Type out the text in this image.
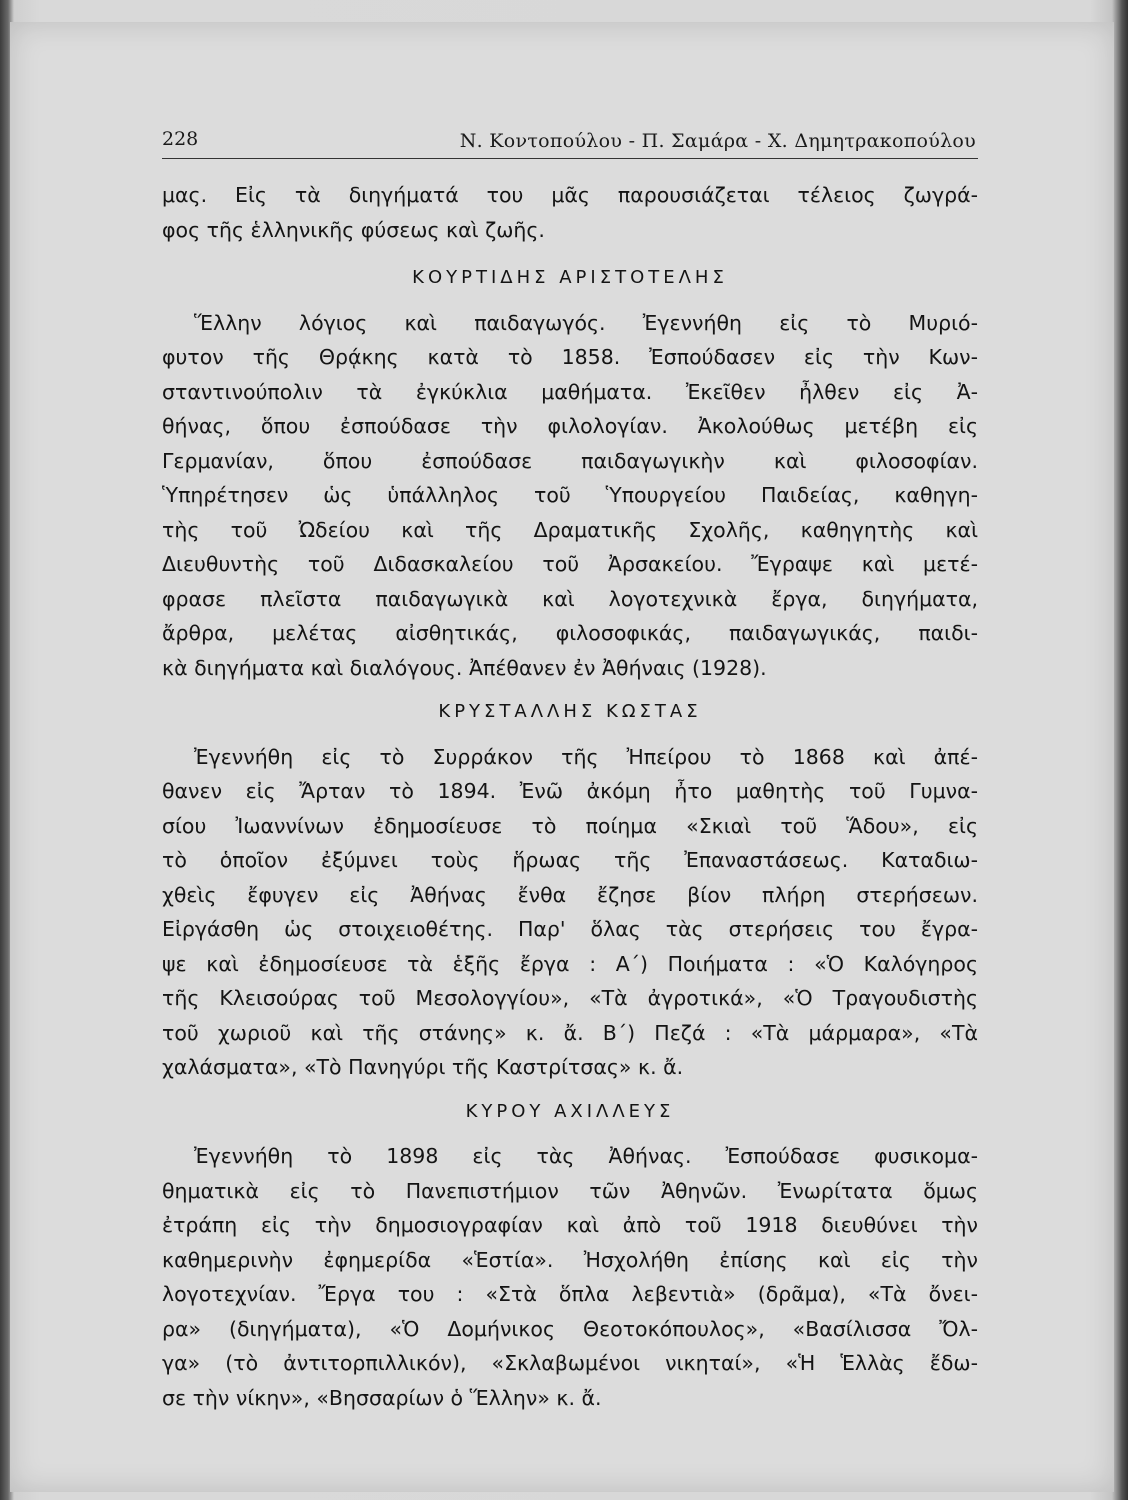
228	Ν. Κοντοπούλου - Π. Σαμάρα - Χ. Δημητρακοπούλου
μας. Εἰς τὰ διηγήματά του μᾶς παρουσιάζεται τέλειος ζωγρά-
φος τῆς ἑλληνικῆς φύσεως καὶ ζωῆς.
ΚΟΥΡΤΙΔΗΣ ΑΡΙΣΤΟΤΕΛΗΣ
Ἕλλην λόγιος καὶ παιδαγωγός. Ἐγεννήθη εἰς τὸ Μυριό-
φυτον τῆς Θρᾴκης κατὰ τὸ 1858. Ἐσπούδασεν εἰς τὴν Κων-
σταντινούπολιν τὰ ἐγκύκλια μαθήματα. Ἐκεῖθεν ἦλθεν εἰς Ἀ-
θήνας, ὅπου ἐσπούδασε τὴν φιλολογίαν. Ἀκολούθως μετέβη εἰς
Γερμανίαν, ὅπου ἐσπούδασε παιδαγωγικὴν καὶ φιλοσοφίαν.
Ὑπηρέτησεν ὡς ὑπάλληλος τοῦ Ὑπουργείου Παιδείας, καθηγη-
τὴς τοῦ Ὠδείου καὶ τῆς Δραματικῆς Σχολῆς, καθηγητὴς καὶ
Διευθυντὴς τοῦ Διδασκαλείου τοῦ Ἀρσακείου. Ἔγραψε καὶ μετέ-
φρασε πλεῖστα παιδαγωγικὰ καὶ λογοτεχνικὰ ἔργα, διηγήματα,
ἄρθρα, μελέτας αἰσθητικάς, φιλοσοφικάς, παιδαγωγικάς, παιδι-
κὰ διηγήματα καὶ διαλόγους. Ἀπέθανεν ἐν Ἀθήναις (1928).
ΚΡΥΣΤΑΛΛΗΣ ΚΩΣΤΑΣ
Ἐγεννήθη εἰς τὸ Συρράκον τῆς Ἠπείρου τὸ 1868 καὶ ἀπέ-
θανεν εἰς Ἄρταν τὸ 1894. Ἐνῶ ἀκόμη ἦτο μαθητὴς τοῦ Γυμνα-
σίου Ἰωαννίνων ἐδημοσίευσε τὸ ποίημα «Σκιαὶ τοῦ Ἅδου», εἰς
τὸ ὁποῖον ἐξύμνει τοὺς ἥρωας τῆς Ἐπαναστάσεως. Καταδιω-
χθεὶς ἔφυγεν εἰς Ἀθήνας ἔνθα ἔζησε βίον πλήρη στερήσεων.
Εἰργάσθη ὡς στοιχειοθέτης. Παρ' ὅλας τὰς στερήσεις του ἔγρα-
ψε καὶ ἐδημοσίευσε τὰ ἑξῆς ἔργα : Α΄) Ποιήματα : «Ὁ Καλόγηρος
τῆς Κλεισούρας τοῦ Μεσολογγίου», «Τὰ ἀγροτικά», «Ὁ Τραγουδιστὴς
τοῦ χωριοῦ καὶ τῆς στάνης» κ. ἄ. Β΄) Πεζά : «Τὰ μάρμαρα», «Τὰ
χαλάσματα», «Τὸ Πανηγύρι τῆς Καστρίτσας» κ. ἄ.
ΚΥΡΟΥ ΑΧΙΛΛΕΥΣ
Ἐγεννήθη τὸ 1898 εἰς τὰς Ἀθήνας. Ἐσπούδασε φυσικομα-
θηματικὰ εἰς τὸ Πανεπιστήμιον τῶν Ἀθηνῶν. Ἐνωρίτατα ὅμως
ἐτράπη εἰς τὴν δημοσιογραφίαν καὶ ἀπὸ τοῦ 1918 διευθύνει τὴν
καθημερινὴν ἐφημερίδα «Ἑστία». Ἠσχολήθη ἐπίσης καὶ εἰς τὴν
λογοτεχνίαν. Ἔργα του : «Στὰ ὅπλα λεβεντιὰ» (δρᾶμα), «Τὰ ὄνει-
ρα» (διηγήματα), «Ὁ Δομήνικος Θεοτοκόπουλος», «Βασίλισσα Ὄλ-
γα» (τὸ ἀντιτορπιλλικόν), «Σκλαβωμένοι νικηταί», «Ἡ Ἑλλὰς ἔδω-
σε τὴν νίκην», «Βησσαρίων ὁ Ἕλλην» κ. ἄ.
